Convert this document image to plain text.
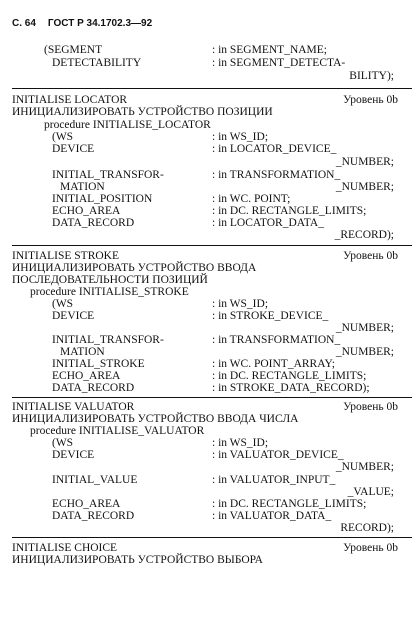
С. 64 ГОСТ Р 34.1702.3—92
(SEGMENT	: in SEGMENT_NAME;
DETECTABILITY	: in SEGMENT_DETECTA-
BILITY);
INITIALISE LOCATOR	Уровень 0b
ИНИЦИАЛИЗИРОВАТЬ УСТРОЙСТВО ПОЗИЦИИ
procedure INITIALISE_LOCATOR
(WS	: in WS_ID;
DEVICE	: in LOCATOR_DEVICE_
_NUMBER;
INITIAL_TRANSFOR-	: in TRANSFORMATION_
MATION	_NUMBER;
INITIAL_POSITION	: in WC. POINT;
ECHO_AREA	: in DC. RECTANGLE_LIMITS;
DATA_RECORD	: in LOCATOR_DATA_
_RECORD);
INITIALISE STROKE	Уровень 0b
ИНИЦИАЛИЗИРОВАТЬ УСТРОЙСТВО ВВОДА
ПОСЛЕДОВАТЕЛЬНОСТИ ПОЗИЦИЙ
procedure INITIALISE_STROKE
(WS	: in WS_ID;
DEVICE	: in STROKE_DEVICE_
_NUMBER;
INITIAL_TRANSFOR-	: in TRANSFORMATION_
MATION	_NUMBER;
INITIAL_STROKE	: in WC. POINT_ARRAY;
ECHO_AREA	: in DC. RECTANGLE_LIMITS;
DATA_RECORD	: in STROKE_DATA_RECORD);
INITIALISE VALUATOR	Уровень 0b
ИНИЦИАЛИЗИРОВАТЬ УСТРОЙСТВО ВВОДА ЧИСЛА
procedure INITIALISE_VALUATOR
(WS	: in WS_ID;
DEVICE	: in VALUATOR_DEVICE_
_NUMBER;
INITIAL_VALUE	: in VALUATOR_INPUT_
_VALUE;
ECHO_AREA	: in DC. RECTANGLE_LIMITS;
DATA_RECORD	: in VALUATOR_DATA_
RECORD);
INITIALISE CHOICE	Уровень 0b
ИНИЦИАЛИЗИРОВАТЬ УСТРОЙСТВО ВЫБОРА
